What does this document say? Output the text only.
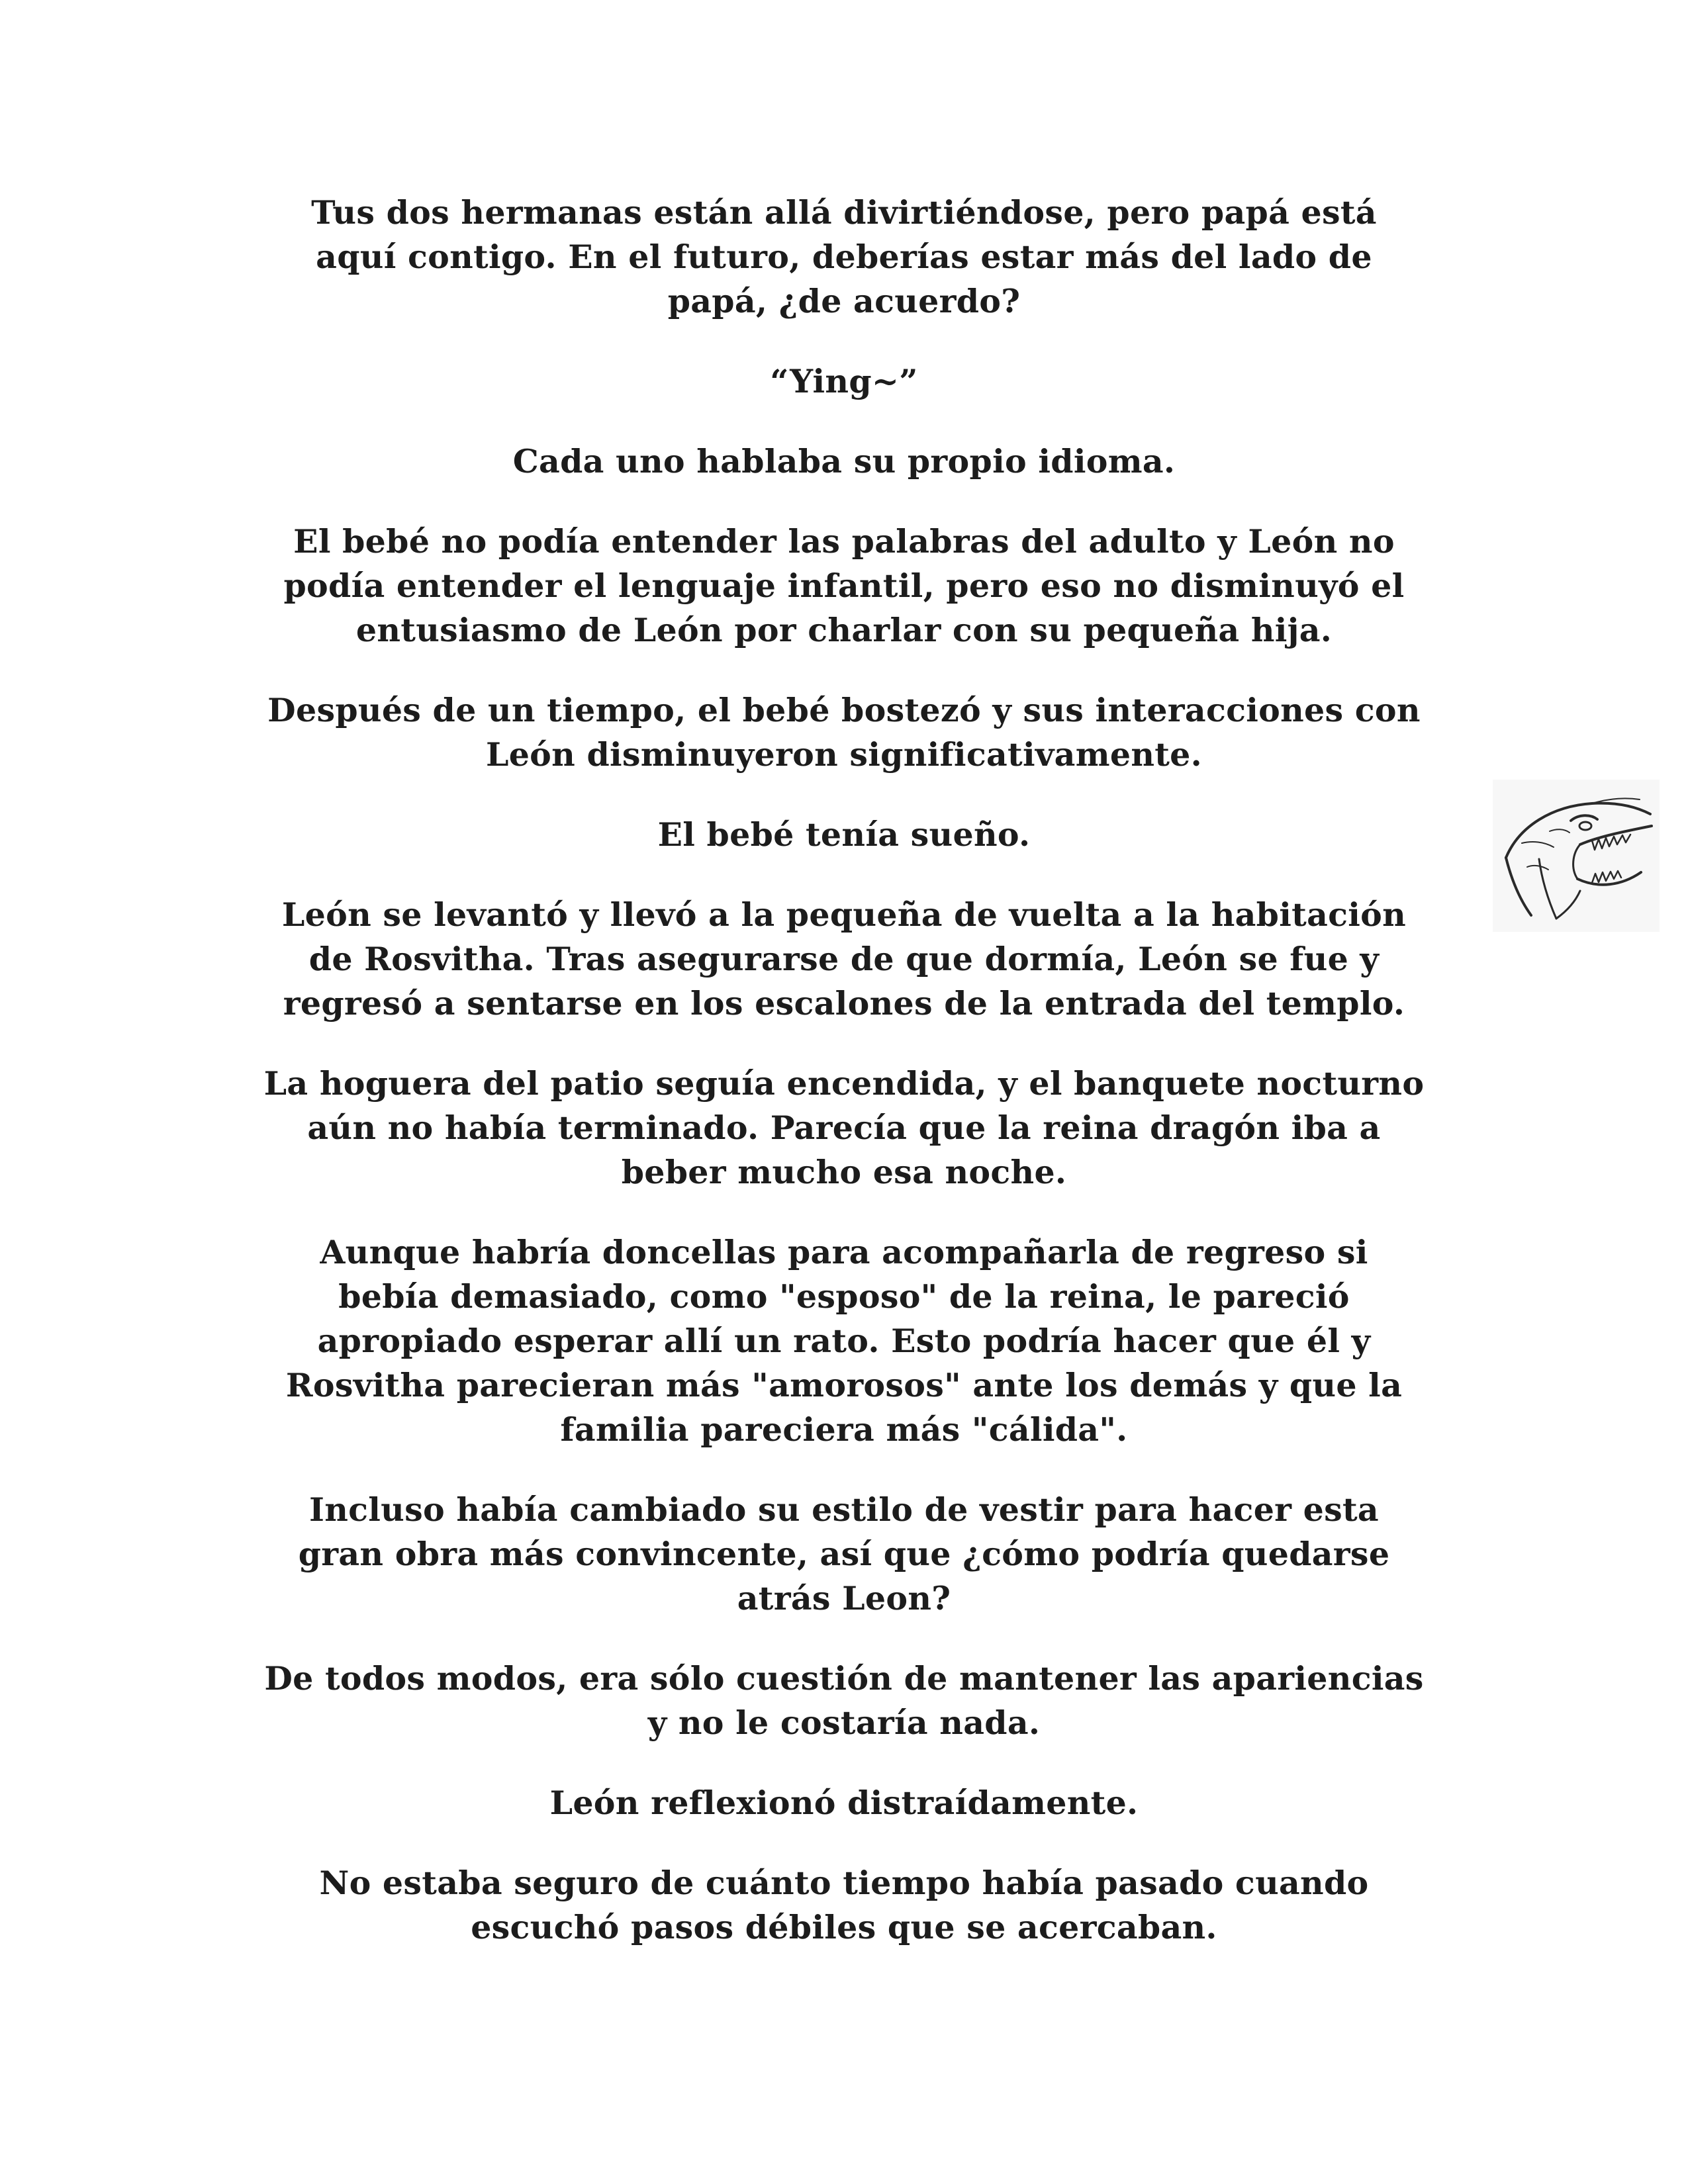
Tus dos hermanas están allá divirtiéndose, pero papá está
aquí contigo. En el futuro, deberías estar más del lado de
papá, ¿de acuerdo?

“Ying~”

Cada uno hablaba su propio idioma.

El bebé no podía entender las palabras del adulto y León no
podía entender el lenguaje infantil, pero eso no disminuyó el
entusiasmo de León por charlar con su pequeña hija.

Después de un tiempo, el bebé bostezó y sus interacciones con
León disminuyeron significativamente.

El bebé tenía sueño.

León se levantó y llevó a la pequeña de vuelta a la habitación
de Rosvitha. Tras asegurarse de que dormía, León se fue y
regresó a sentarse en los escalones de la entrada del templo.

La hoguera del patio seguía encendida, y el banquete nocturno
aún no había terminado. Parecía que la reina dragón iba a
beber mucho esa noche.

Aunque habría doncellas para acompañarla de regreso si
bebía demasiado, como "esposo" de la reina, le pareció
apropiado esperar allí un rato. Esto podría hacer que él y
Rosvitha parecieran más "amorosos" ante los demás y que la
familia pareciera más "cálida".

Incluso había cambiado su estilo de vestir para hacer esta
gran obra más convincente, así que ¿cómo podría quedarse
atrás Leon?

De todos modos, era sólo cuestión de mantener las apariencias
y no le costaría nada.

León reflexionó distraídamente.

No estaba seguro de cuánto tiempo había pasado cuando
escuchó pasos débiles que se acercaban.
